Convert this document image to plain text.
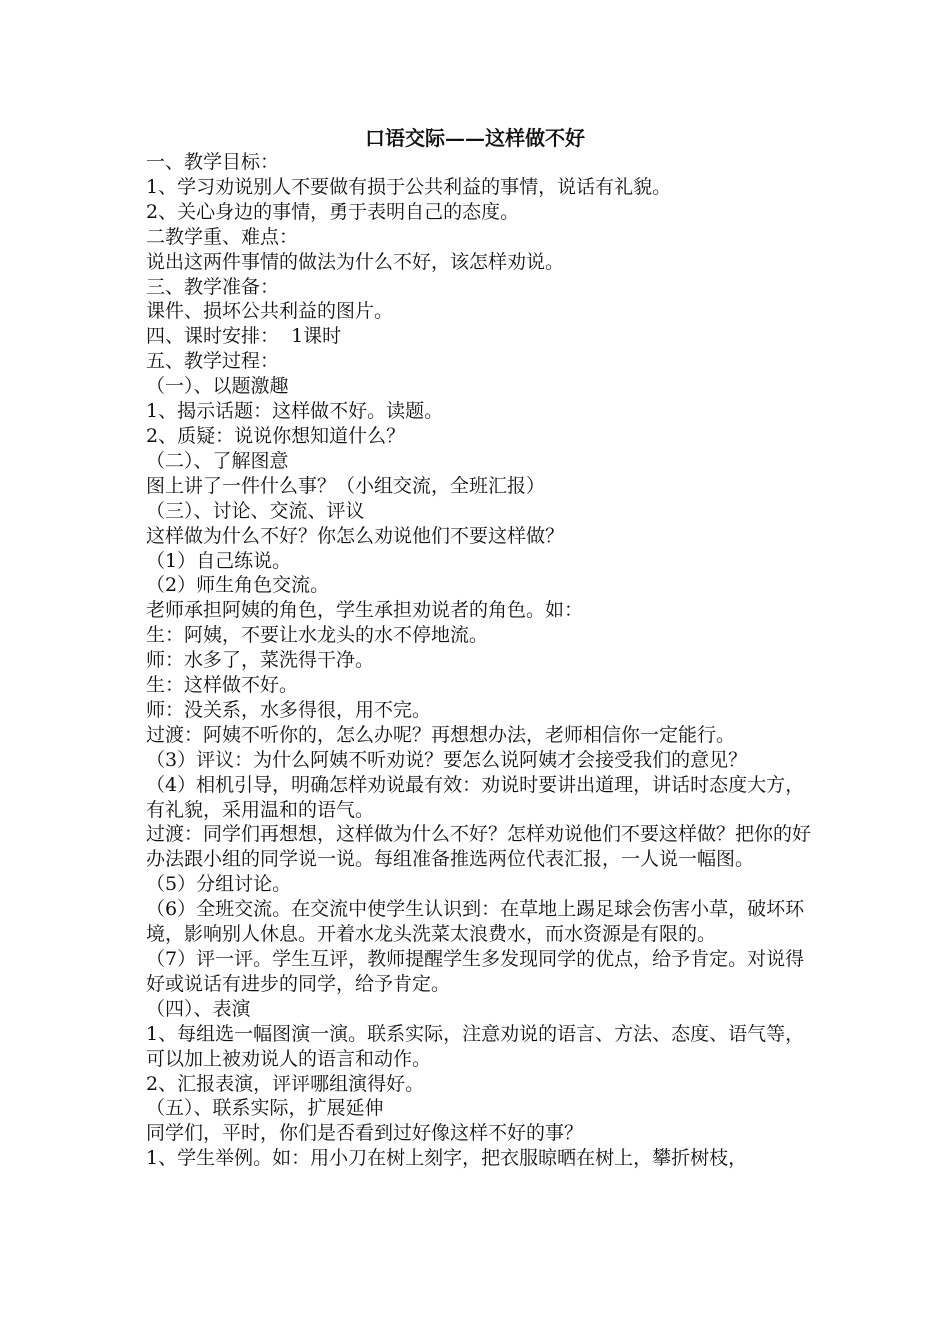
口语交际——这样做不好

一、教学目标：

1、学习劝说别人不要做有损于公共利益的事情，说话有礼貌。

2、关心身边的事情，勇于表明自己的态度。

二教学重、难点：

说出这两件事情的做法为什么不好，该怎样劝说。

三、教学准备：

课件、损坏公共利益的图片。

四、课时安排：  1课时

五、教学过程：

（一）、以题激趣

1、揭示话题：这样做不好。读题。

2、质疑：说说你想知道什么？

（二）、了解图意

图上讲了一件什么事？（小组交流，全班汇报）

（三）、讨论、交流、评议

这样做为什么不好？你怎么劝说他们不要这样做？

（1）自己练说。

（2）师生角色交流。

老师承担阿姨的角色，学生承担劝说者的角色。如：

生：阿姨，不要让水龙头的水不停地流。

师：水多了，菜洗得干净。

生：这样做不好。

师：没关系，水多得很，用不完。

过渡：阿姨不听你的，怎么办呢？再想想办法，老师相信你一定能行。

（3）评议：为什么阿姨不听劝说？要怎么说阿姨才会接受我们的意见？

（4）相机引导，明确怎样劝说最有效：劝说时要讲出道理，讲话时态度大方，有礼貌，采用温和的语气。

过渡：同学们再想想，这样做为什么不好？怎样劝说他们不要这样做？把你的好办法跟小组的同学说一说。每组准备推选两位代表汇报，一人说一幅图。

（5）分组讨论。

（6）全班交流。在交流中使学生认识到：在草地上踢足球会伤害小草，破坏环境，影响别人休息。开着水龙头洗菜太浪费水，而水资源是有限的。

（7）评一评。学生互评，教师提醒学生多发现同学的优点，给予肯定。对说得好或说话有进步的同学，给予肯定。

（四）、表演

1、每组选一幅图演一演。联系实际，注意劝说的语言、方法、态度、语气等，可以加上被劝说人的语言和动作。

2、汇报表演，评评哪组演得好。

（五）、联系实际，扩展延伸

同学们，平时，你们是否看到过好像这样不好的事？

1、学生举例。如：用小刀在树上刻字，把衣服晾晒在树上，攀折树枝，
